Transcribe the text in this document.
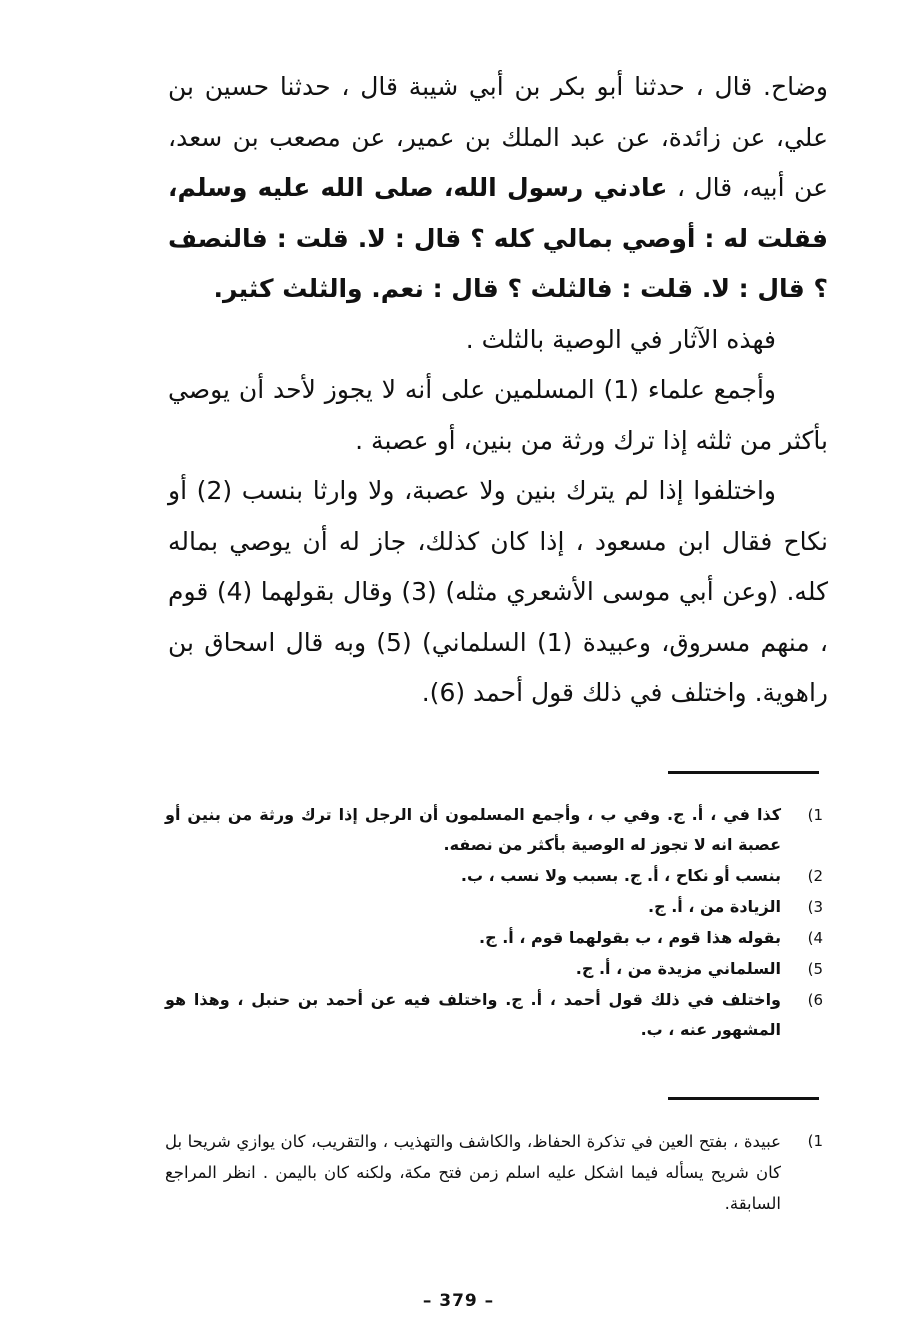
وضاح. قال ، حدثنا أبو بكر بن أبي شيبة قال ، حدثنا حسين بن علي، عن زائدة، عن عبد الملك بن عمير، عن مصعب بن سعد، عن أبيه، قال ، عادني رسول الله، صلى الله عليه وسلم، فقلت له : أوصي بمالي كله ؟ قال : لا. قلت : فالنصف ؟ قال : لا. قلت : فالثلث ؟ قال : نعم. والثلث كثير.

فهذه الآثار في الوصية بالثلث .

وأجمع علماء (1) المسلمين على أنه لا يجوز لأحد أن يوصي بأكثر من ثلثه إذا ترك ورثة من بنين، أو عصبة .

واختلفوا إذا لم يترك بنين ولا عصبة، ولا وارثا بنسب (2) أو نكاح فقال ابن مسعود ، إذا كان كذلك، جاز له أن يوصي بماله كله. (وعن أبي موسى الأشعري مثله) (3) وقال بقولهما (4) قوم ، منهم مسروق، وعبيدة (1) السلماني) (5) وبه قال اسحاق بن راهوية. واختلف في ذلك قول أحمد (6).

1)
كذا في ، أ. ج. وفي ب ، وأجمع المسلمون أن الرجل إذا ترك ورثة من بنين أو عصبة انه لا تجوز له الوصية بأكثر من نصفه.
2)
بنسب أو نكاح ، أ. ج. بسبب ولا نسب ، ب.
3)
الزيادة من ، أ. ج.
4)
بقوله هذا قوم ، ب بقولهما قوم ، أ. ج.
5)
السلماني مزيدة من ، أ. ج.
6)
واختلف في ذلك قول أحمد ، أ. ج. واختلف فيه عن أحمد بن حنبل ، وهذا هو المشهور عنه ، ب.
1)
عبيدة ، بفتح العين في تذكرة الحفاظ، والكاشف والتهذيب ، والتقريب، كان يوازي شريحا بل كان شريح يسأله فيما اشكل عليه اسلم زمن فتح مكة، ولكنه كان باليمن . انظر المراجع السابقة.
– 379 –
